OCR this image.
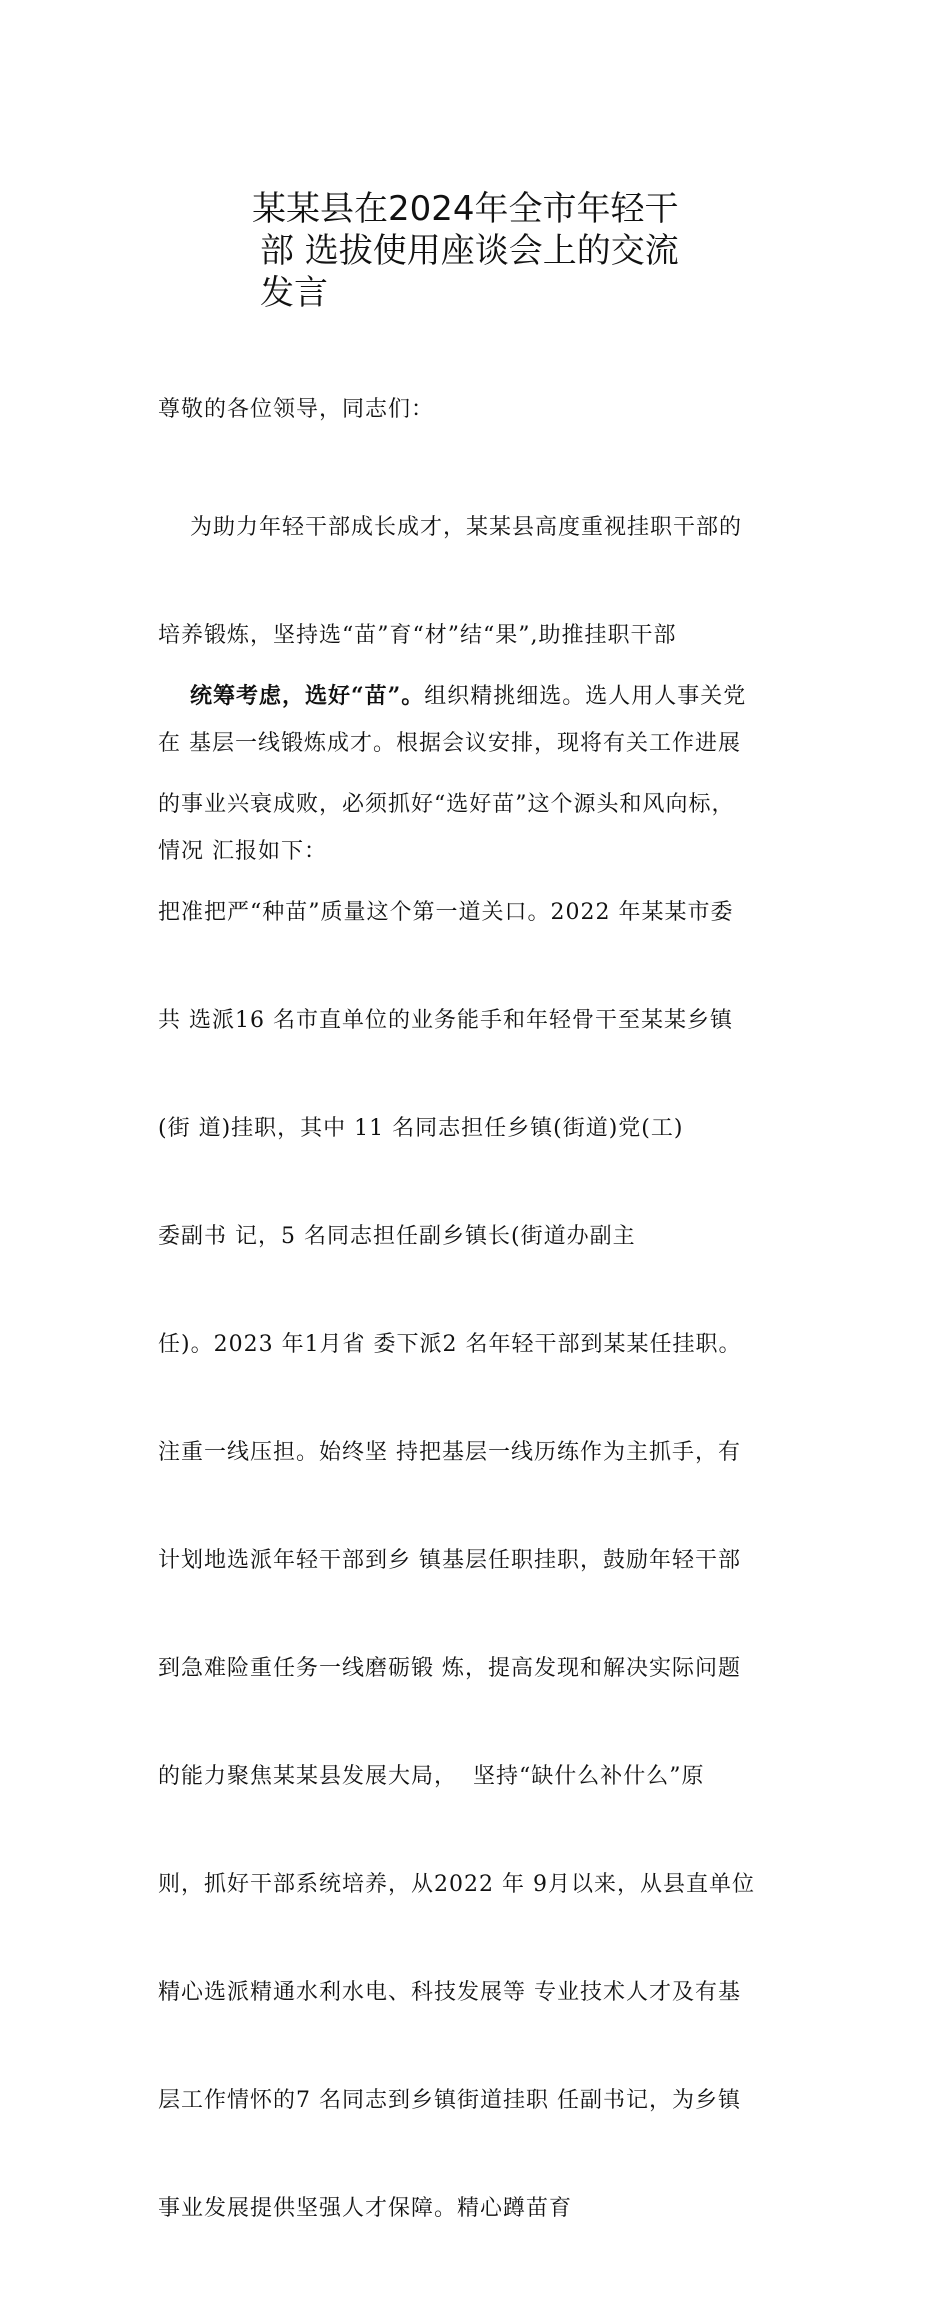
某某县在2024年全市年轻干
部 选拔使用座谈会上的交流
发言
尊敬的各位领导，同志们：

为助力年轻干部成长成才，某某县高度重视挂职干部的

培养锻炼，坚持选“苗”育“材”结“果”,助推挂职干部

在 基层一线锻炼成才。根据会议安排，现将有关工作进展

情况 汇报如下：

统筹考虑，选好“苗”。组织精挑细选。选人用人事关党

的事业兴衰成败，必须抓好“选好苗”这个源头和风向标，

把准把严“种苗”质量这个第一道关口。2022 年某某市委

共 选派16 名市直单位的业务能手和年轻骨干至某某乡镇

(街 道)挂职，其中 11 名同志担任乡镇(街道)党(工)

委副书 记，5 名同志担任副乡镇长(街道办副主

任)。2023 年1月省 委下派2 名年轻干部到某某任挂职。

注重一线压担。始终坚 持把基层一线历练作为主抓手，有

计划地选派年轻干部到乡 镇基层任职挂职，鼓励年轻干部

到急难险重任务一线磨砺锻 炼，提高发现和解决实际问题

的能力聚焦某某县发展大局，  坚持“缺什么补什么”原

则，抓好干部系统培养，从2022 年 9月以来，从县直单位

精心选派精通水利水电、科技发展等 专业技术人才及有基

层工作情怀的7 名同志到乡镇街道挂职 任副书记，为乡镇

事业发展提供坚强人才保障。精心蹲苗育
